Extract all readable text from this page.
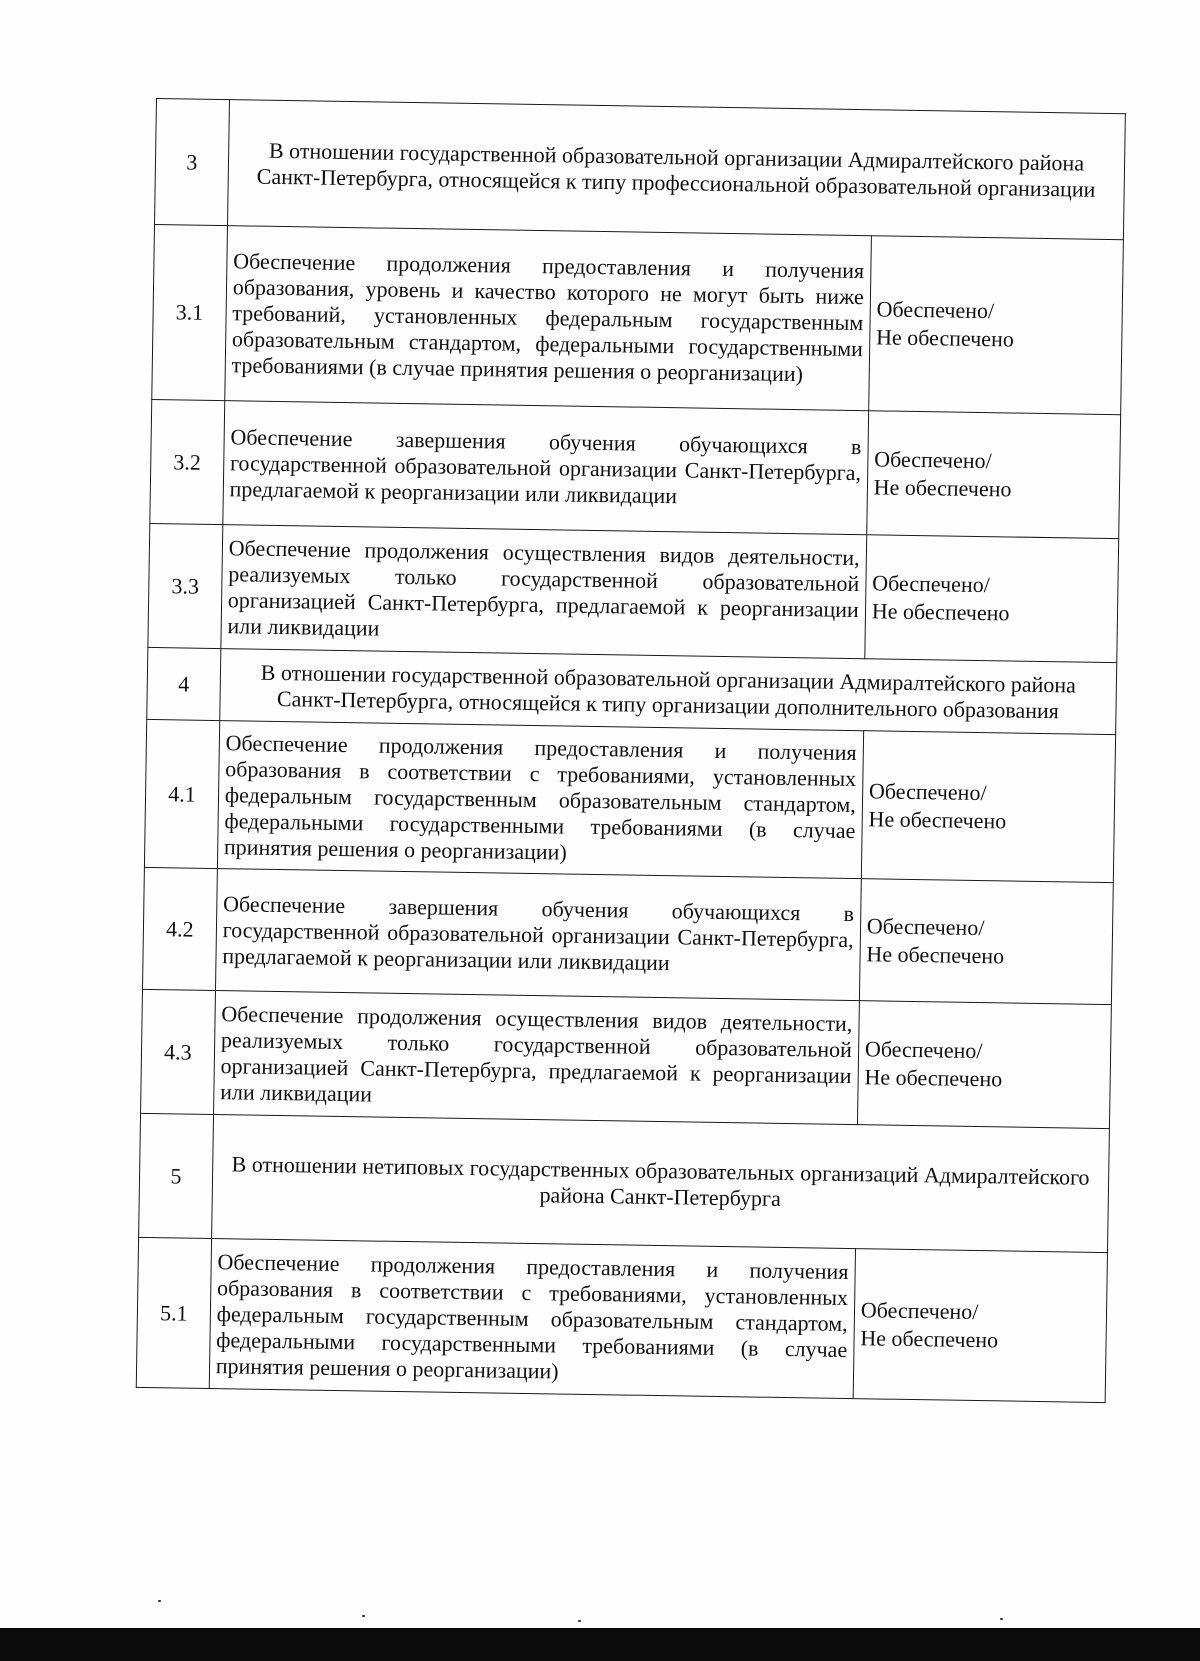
3	В отношении государственной образовательной организации Адмиралтейского района Санкт-Петербурга, относящейся к типу профессиональной образовательной организации	
3.1	Обеспечение продолжения предоставления и получения образования, уровень и качество которого не могут быть ниже требований, установленных федеральным государственным образовательным стандартом, федеральными государственными требованиями (в случае принятия решения о реорганизации)	Обеспечено/
Не обеспечено

3.2	Обеспечение завершения обучения обучающихся в государственной образовательной организации Санкт-Петербурга, предлагаемой к реорганизации или ликвидации	Обеспечено/
Не обеспечено

3.3	Обеспечение продолжения осуществления видов деятельности, реализуемых только государственной образовательной организацией Санкт-Петербурга, предлагаемой к реорганизации или ликвидации	Обеспечено/
Не обеспечено

4	В отношении государственной образовательной организации Адмиралтейского района Санкт-Петербурга, относящейся к типу организации дополнительного образования	
4.1	Обеспечение продолжения предоставления и получения образования в соответствии с требованиями, установленных федеральным государственным образовательным стандартом, федеральными государственными требованиями (в случае принятия решения о реорганизации)	Обеспечено/
Не обеспечено

4.2	Обеспечение завершения обучения обучающихся в государственной образовательной организации Санкт-Петербурга, предлагаемой к реорганизации или ликвидации	Обеспечено/
Не обеспечено

4.3	Обеспечение продолжения осуществления видов деятельности, реализуемых только государственной образовательной организацией Санкт-Петербурга, предлагаемой к реорганизации или ликвидации	Обеспечено/
Не обеспечено

5	В отношении нетиповых государственных образовательных организаций Адмиралтейского района Санкт-Петербурга	
5.1	Обеспечение продолжения предоставления и получения образования в соответствии с требованиями, установленных федеральным государственным образовательным стандартом, федеральными государственными требованиями (в случае принятия решения о реорганизации)	Обеспечено/
Не обеспечено
